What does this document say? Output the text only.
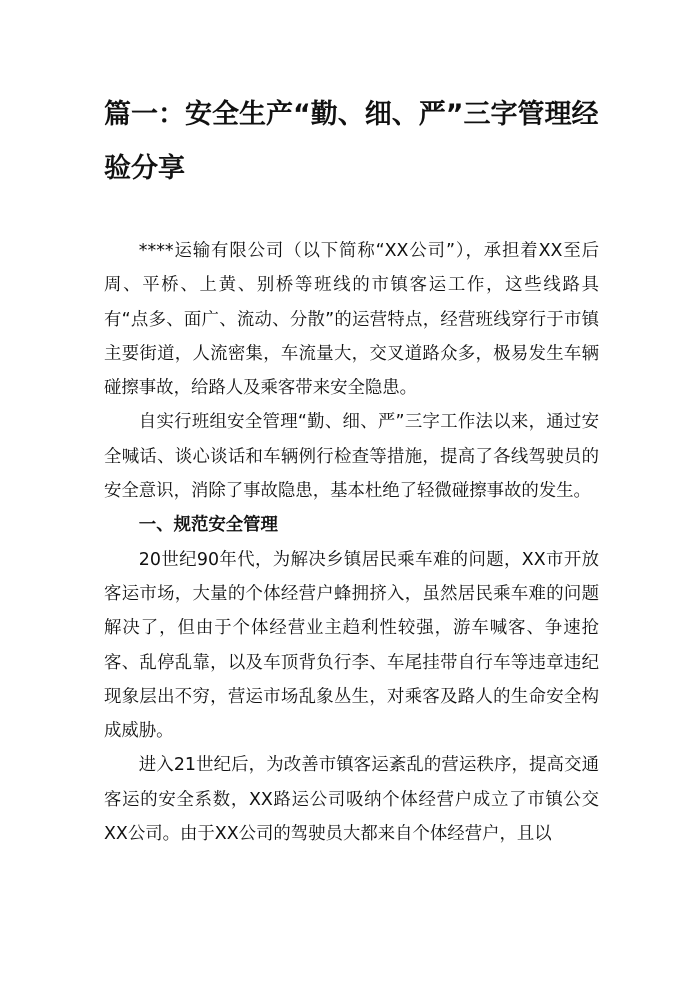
篇一：安全生产“勤、细、严”三字管理经验分享

****运输有限公司（以下简称“XX公司”），承担着XX至后周、平桥、上黄、别桥等班线的市镇客运工作，这些线路具有“点多、面广、流动、分散”的运营特点，经营班线穿行于市镇主要街道，人流密集，车流量大，交叉道路众多，极易发生车辆碰擦事故，给路人及乘客带来安全隐患。

自实行班组安全管理“勤、细、严”三字工作法以来，通过安全喊话、谈心谈话和车辆例行检查等措施，提高了各线驾驶员的安全意识，消除了事故隐患，基本杜绝了轻微碰擦事故的发生。

一、规范安全管理

20世纪90年代，为解决乡镇居民乘车难的问题，XX市开放客运市场，大量的个体经营户蜂拥挤入，虽然居民乘车难的问题解决了，但由于个体经营业主趋利性较强，游车喊客、争速抢客、乱停乱靠，以及车顶背负行李、车尾挂带自行车等违章违纪现象层出不穷，营运市场乱象丛生，对乘客及路人的生命安全构成威胁。

进入21世纪后，为改善市镇客运紊乱的营运秩序，提高交通客运的安全系数，XX路运公司吸纳个体经营户成立了市镇公交XX公司。由于XX公司的驾驶员大都来自个体经营户，且以
